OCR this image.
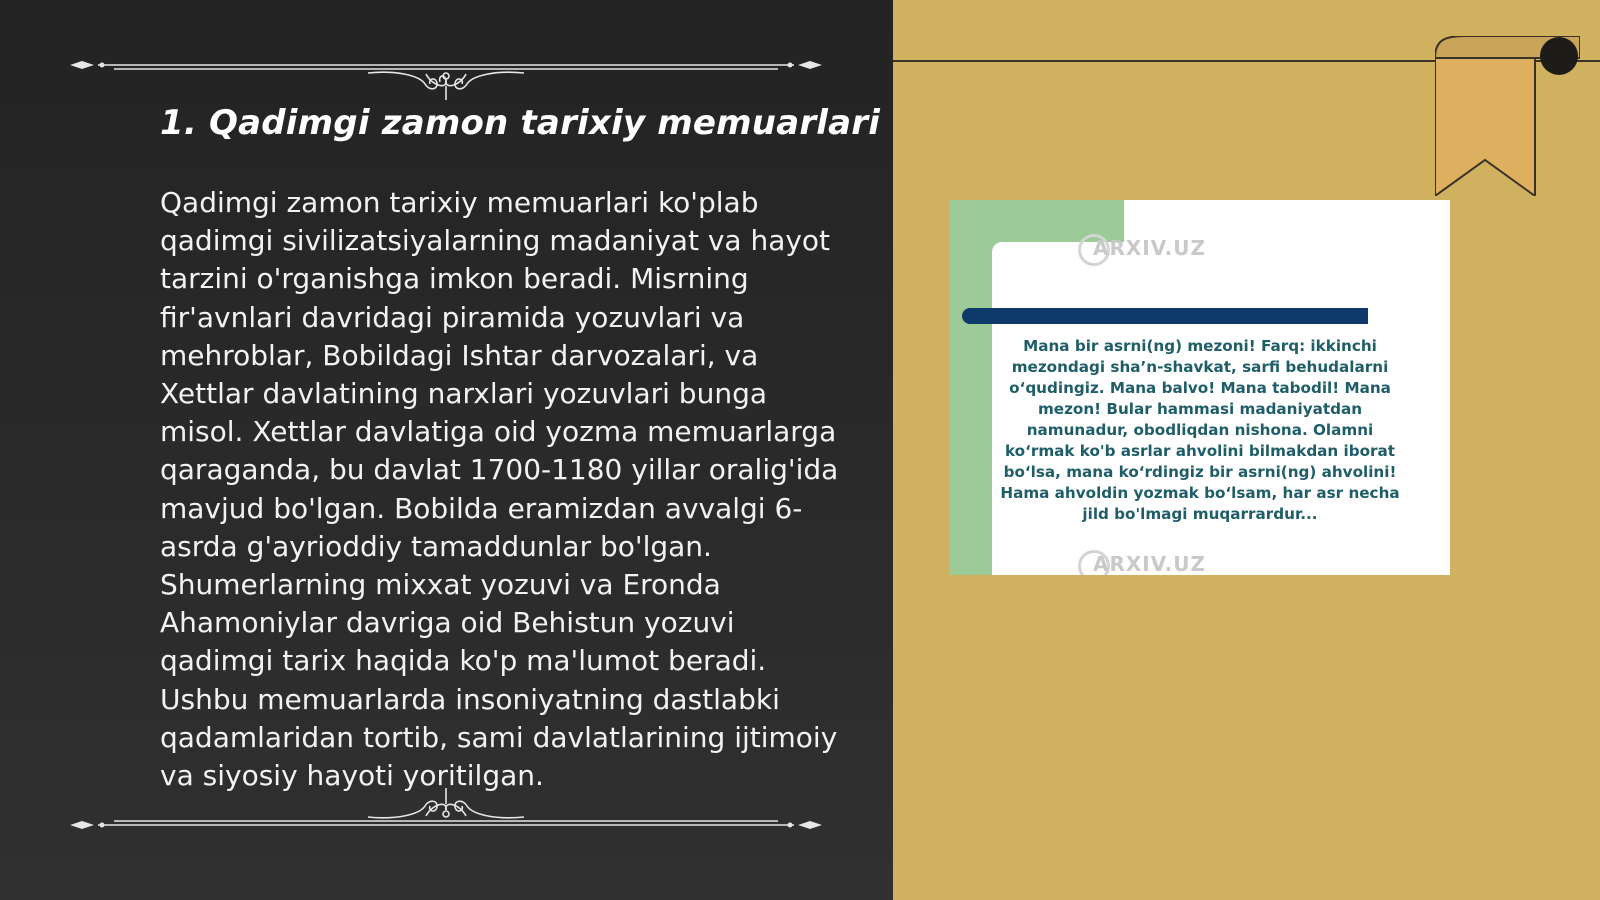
1. Qadimgi zamon tarixiy memuarlari

Qadimgi zamon tarixiy memuarlari ko'plab qadimgi sivilizatsiyalarning madaniyat va hayot tarzini o'rganishga imkon beradi. Misrning fir'avnlari davridagi piramida yozuvlari va mehroblar, Bobildagi Ishtar darvozalari, va Xettlar davlatining narxlari yozuvlari bunga misol. Xettlar davlatiga oid yozma memuarlarga qaraganda, bu davlat 1700-1180 yillar oralig'ida mavjud bo'lgan. Bobilda eramizdan avvalgi 6-asrda g'ayrioddiy tamaddunlar bo'lgan. Shumerlarning mixxat yozuvi va Eronda Ahamoniylar davriga oid Behistun yozuvi qadimgi tarix haqida ko'p ma'lumot beradi. Ushbu memuarlarda insoniyatning dastlabki qadamlaridan tortib, sami davlatlarining ijtimoiy va siyosiy hayoti yoritilgan.

ARXIV.UZ
ARXIV.UZ

Mana bir asrni(ng) mezoni! Farq: ikkinchi mezondagi sha’n-shavkat, sarfi behudalarni o‘qudingiz. Mana balvo! Mana tabodil! Mana mezon! Bular hammasi madaniyatdan namunadur, obodliqdan nishona. Olamni ko‘rmak ko'b asrlar ahvolini bilmakdan iborat bo‘lsa, mana ko‘rdingiz bir asrni(ng) ahvolini! Hama ahvoldin yozmak bo‘lsam, har asr necha jild bo'lmagi muqarrardur...
